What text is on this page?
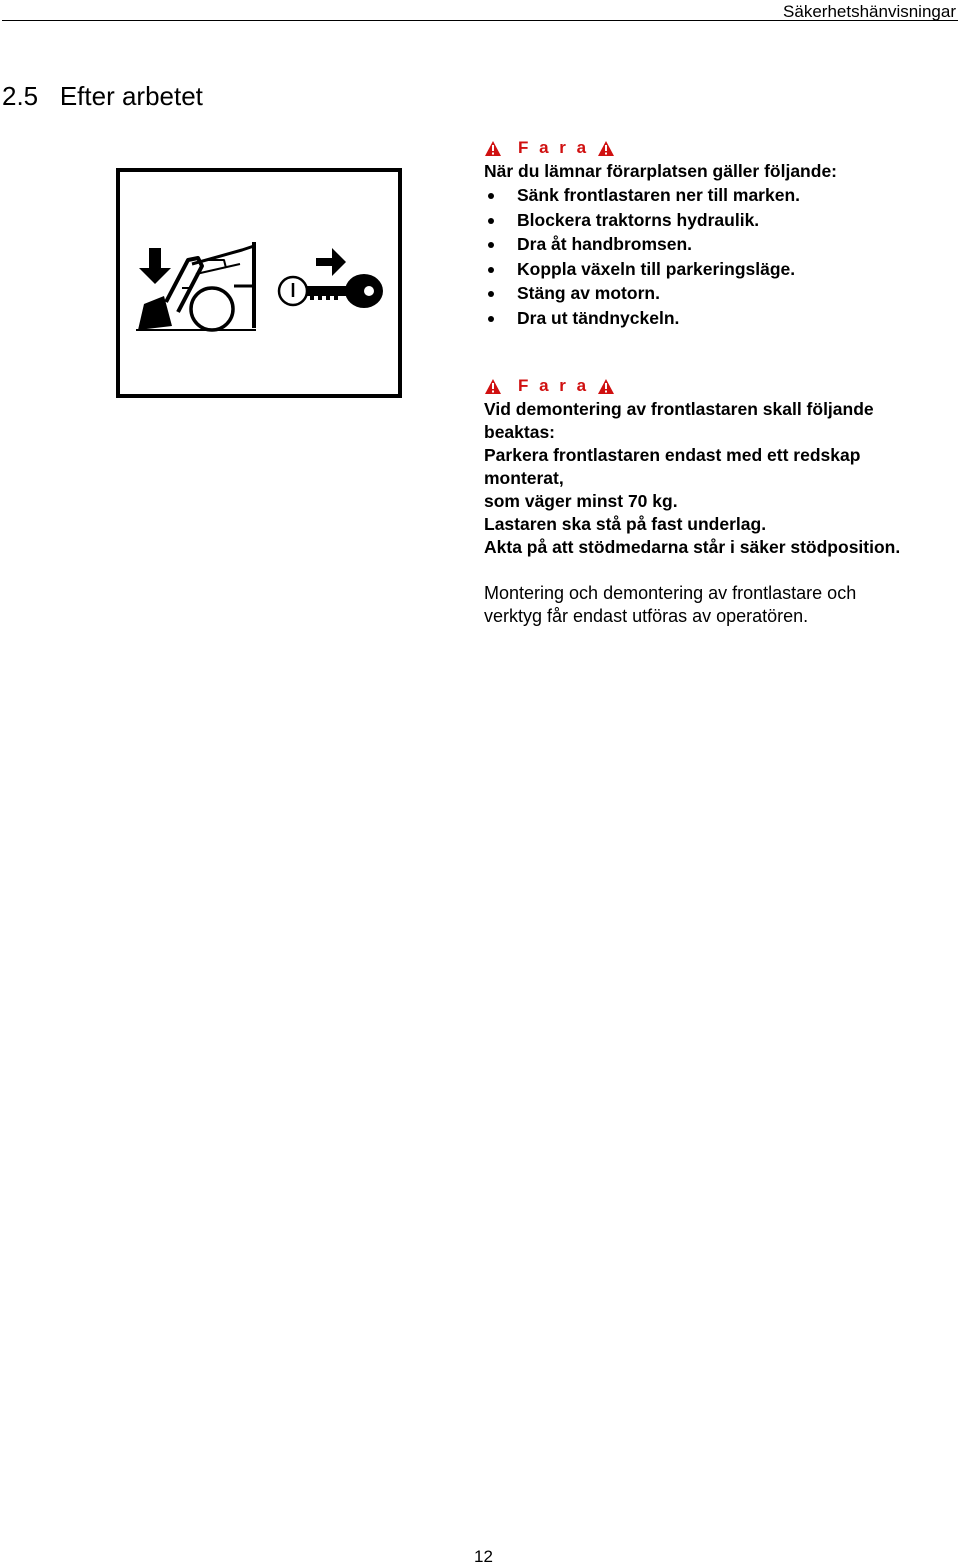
Säkerhetshänvisningar
2.5   Efter arbetet
F a r a
När du lämnar förarplatsen gäller följande:
Sänk frontlastaren ner till marken.
Blockera traktorns hydraulik.
Dra åt handbromsen.
Koppla växeln till parkeringsläge.
Stäng av motorn.
Dra ut tändnyckeln.
F a r a
Vid demontering av frontlastaren skall följande
beaktas:
Parkera frontlastaren endast med ett redskap
monterat,
som väger minst 70 kg.
Lastaren ska stå på fast underlag.
Akta på att stödmedarna står i säker stödposition.
Montering och demontering av frontlastare och
verktyg får endast utföras av operatören.
12
